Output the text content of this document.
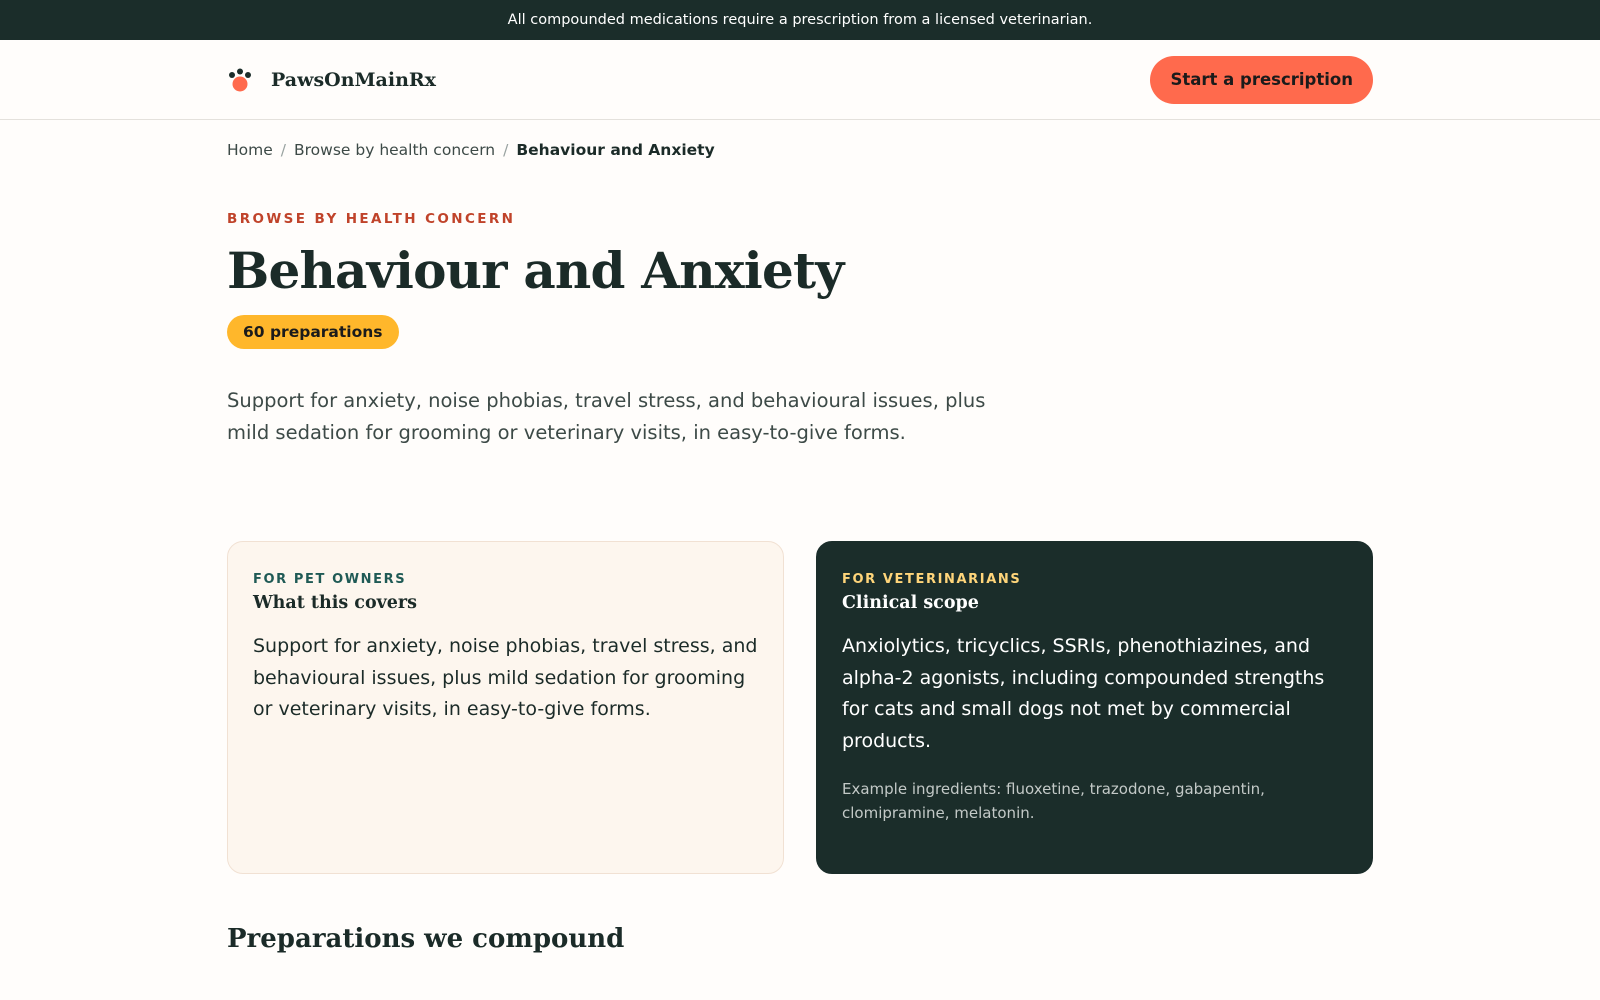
All compounded medications require a prescription from a licensed veterinarian.
PawsOnMainRx	Start a prescription
Home / Browse by health concern / Behaviour and Anxiety
BROWSE BY HEALTH CONCERN
Behaviour and Anxiety
60 preparations

Support for anxiety, noise phobias, travel stress, and behavioural issues, plus mild sedation for grooming or veterinary visits, in easy-to-give forms.

FOR PET OWNERS
What this covers

Support for anxiety, noise phobias, travel stress, and behavioural issues, plus mild sedation for grooming or veterinary visits, in easy-to-give forms.

FOR VETERINARIANS
Clinical scope

Anxiolytics, tricyclics, SSRIs, phenothiazines, and alpha-2 agonists, including compounded strengths for cats and small dogs not met by commercial products.

Example ingredients: fluoxetine, trazodone, gabapentin, clomipramine, melatonin.

Preparations we compound
